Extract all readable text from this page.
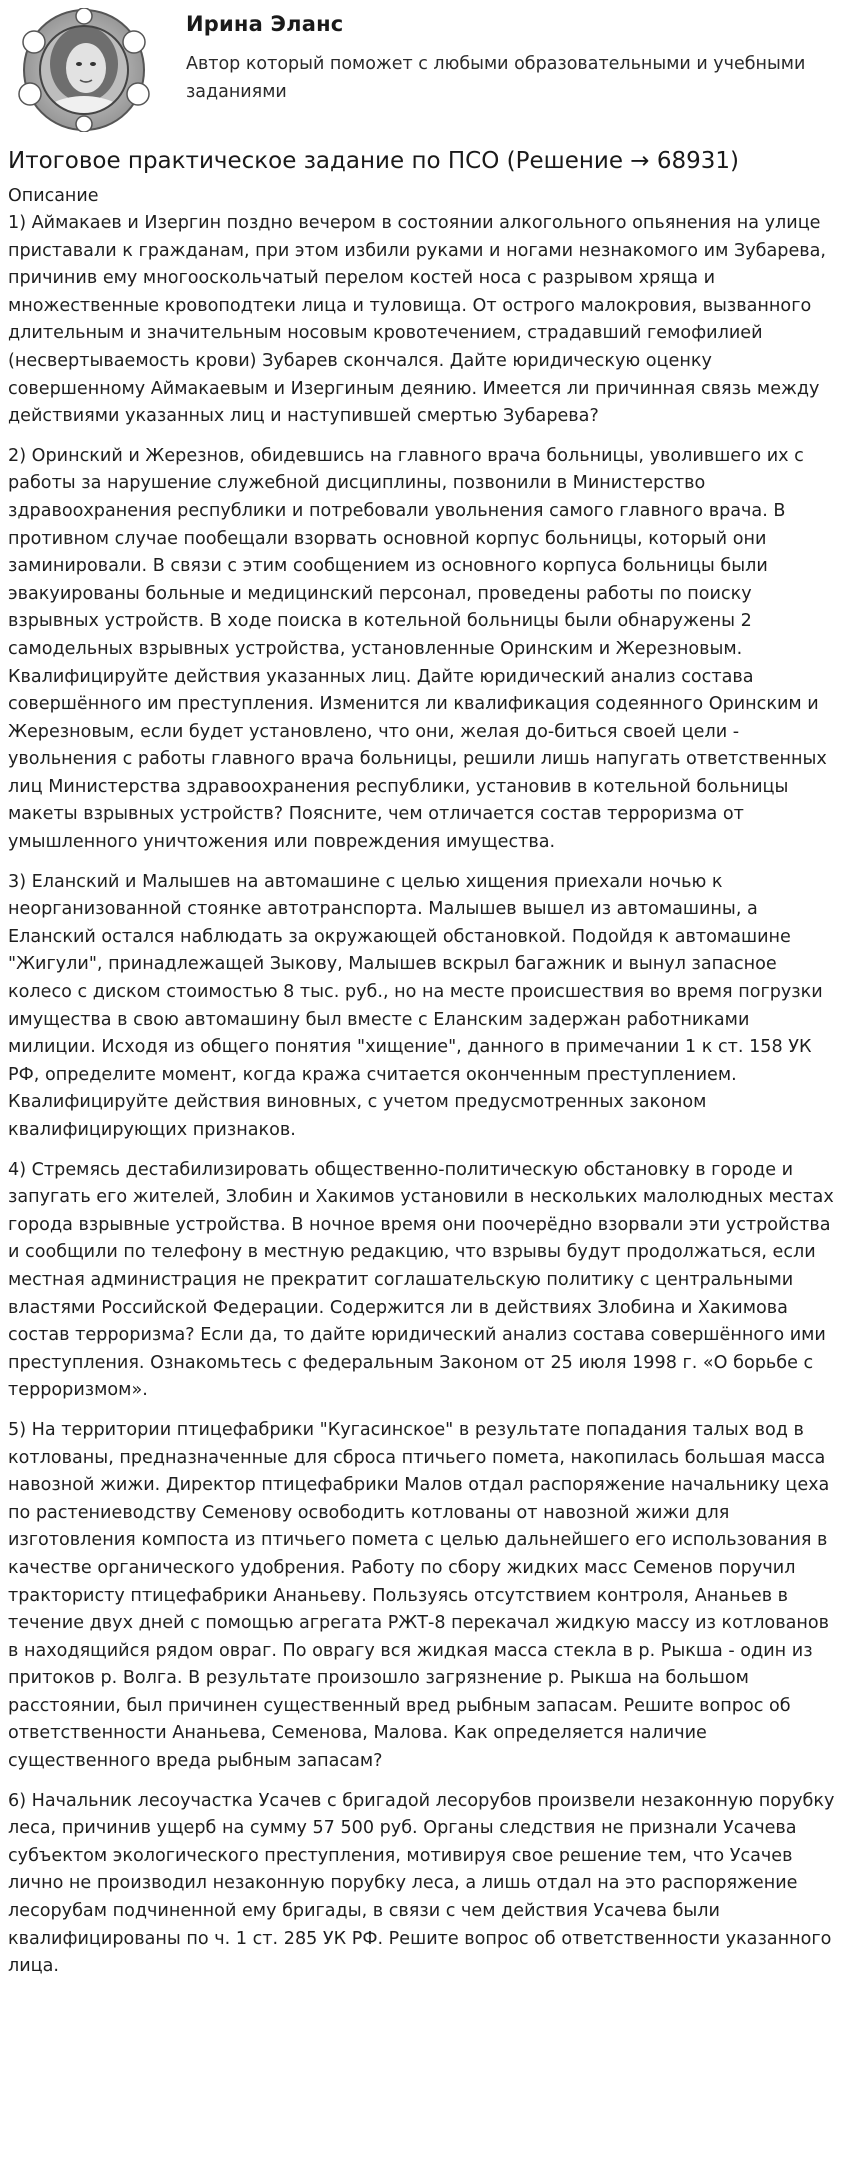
Ирина Эланс
Автор который поможет с любыми образовательными и учебными заданиями
Итоговое практическое задание по ПСО (Решение → 68931)
Описание

1) Аймакаев и Изергин поздно вечером в состоянии алкогольного опьянения на улице приставали к гражданам, при этом избили руками и ногами незнакомого им Зубарева, причинив ему многооскольчатый перелом костей носа с разрывом хряща и множественные кровоподтеки лица и туловища. От острого малокровия, вызванного длительным и значительным носовым кровотечением, страдавший гемофилией (несвертываемость крови) Зубарев скончался. Дайте юридическую оценку совершенному Аймакаевым и Изергиным деянию. Имеется ли причинная связь между действиями указанных лиц и наступившей смертью Зубарева?

2) Оринский и Жерезнов, обидевшись на главного врача больницы, уволившего их с работы за нарушение служебной дисциплины, позвонили в Министерство здравоохранения республики и потребовали увольнения самого главного врача. В противном случае пообещали взорвать основной корпус больницы, который они заминировали. В связи с этим сообщением из основного корпуса больницы были эвакуированы больные и медицинский персонал, проведены работы по поиску взрывных устройств. В ходе поиска в котельной больницы были обнаружены 2 самодельных взрывных устройства, установленные Оринским и Жерезновым. Квалифицируйте действия указанных лиц. Дайте юридический анализ состава совершённого им преступления. Изменится ли квалификация содеянного Оринским и Жерезновым, если будет установлено, что они, желая до-биться своей цели - увольнения с работы главного врача больницы, решили лишь напугать ответственных лиц Министерства здравоохранения республики, установив в котельной больницы макеты взрывных устройств? Поясните, чем отличается состав терроризма от умышленного уничтожения или повреждения имущества.

3) Еланский и Малышев на автомашине с целью хищения приехали ночью к неорганизованной стоянке автотранспорта. Малышев вышел из автомашины, а Еланский остался наблюдать за окружающей обстановкой. Подойдя к автомашине "Жигули", принадлежащей Зыкову, Малышев вскрыл багажник и вынул запасное колесо с диском стоимостью 8 тыс. руб., но на месте происшествия во время погрузки имущества в свою автомашину был вместе с Еланским задержан работниками милиции. Исходя из общего понятия "хищение", данного в примечании 1 к ст. 158 УК РФ, определите момент, когда кража считается оконченным преступлением. Квалифицируйте действия виновных, с учетом предусмотренных законом квалифицирующих признаков.

4) Стремясь дестабилизировать общественно-политическую обстановку в городе и запугать его жителей, Злобин и Хакимов установили в нескольких малолюдных местах города взрывные устройства. В ночное время они поочерёдно взорвали эти устройства и сообщили по телефону в местную редакцию, что взрывы будут продолжаться, если местная администрация не прекратит соглашательскую политику с центральными властями Российской Федерации. Содержится ли в действиях Злобина и Хакимова состав терроризма? Если да, то дайте юридический анализ состава совершённого ими преступления. Ознакомьтесь с федеральным Законом от 25 июля 1998 г. «О борьбе с терроризмом».

5) На территории птицефабрики "Кугасинское" в результате попадания талых вод в котлованы, предназначенные для сброса птичьего помета, накопилась большая масса навозной жижи. Директор птицефабрики Малов отдал распоряжение начальнику цеха по растениеводству Семенову освободить котлованы от навозной жижи для изготовления компоста из птичьего помета с целью дальнейшего его использования в качестве органического удобрения. Работу по сбору жидких масс Семенов поручил трактористу птицефабрики Ананьеву. Пользуясь отсутствием контроля, Ананьев в течение двух дней с помощью агрегата РЖТ-8 перекачал жидкую массу из котлованов в находящийся рядом овраг. По оврагу вся жидкая масса стекла в р. Рыкша - один из притоков р. Волга. В результате произошло загрязнение р. Рыкша на большом расстоянии, был причинен существенный вред рыбным запасам. Решите вопрос об ответственности Ананьева, Семенова, Малова. Как определяется наличие существенного вреда рыбным запасам?

6) Начальник лесоучастка Усачев с бригадой лесорубов произвели незаконную порубку леса, причинив ущерб на сумму 57 500 руб. Органы следствия не признали Усачева субъектом экологического преступления, мотивируя свое решение тем, что Усачев лично не производил незаконную порубку леса, а лишь отдал на это распоряжение лесорубам подчиненной ему бригады, в связи с чем действия Усачева были квалифицированы по ч. 1 ст. 285 УК РФ. Решите вопрос об ответственности указанного лица.
